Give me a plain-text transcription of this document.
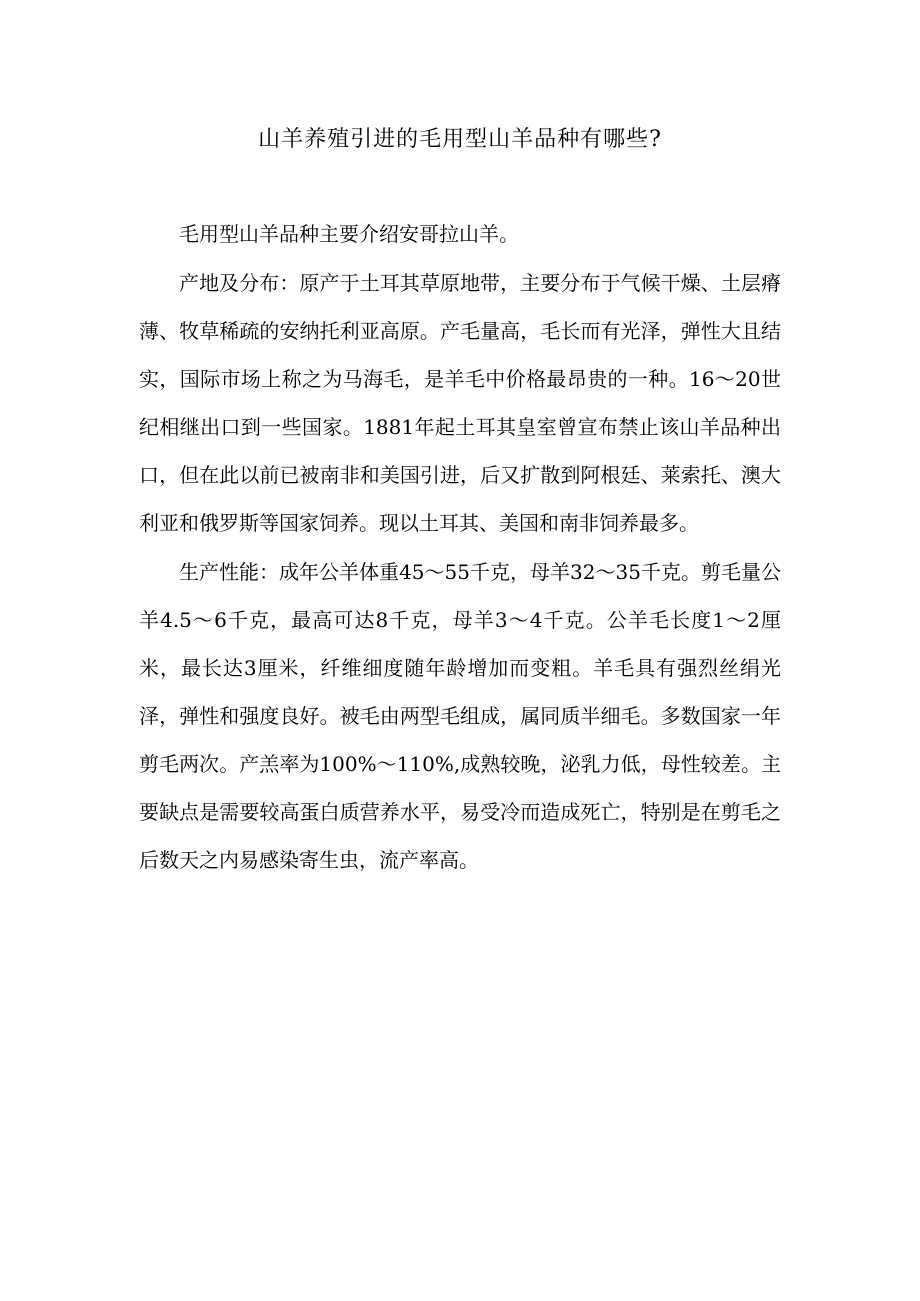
山羊养殖引进的毛用型山羊品种有哪些?

毛用型山羊品种主要介绍安哥拉山羊。

产地及分布：原产于土耳其草原地带，主要分布于气候干燥、土层瘠薄、牧草稀疏的安纳托利亚高原。产毛量高，毛长而有光泽，弹性大且结实，国际市场上称之为马海毛，是羊毛中价格最昂贵的一种。16～20世纪相继出口到一些国家。1881年起土耳其皇室曾宣布禁止该山羊品种出口，但在此以前已被南非和美国引进，后又扩散到阿根廷、莱索托、澳大利亚和俄罗斯等国家饲养。现以土耳其、美国和南非饲养最多。

生产性能：成年公羊体重45～55千克，母羊32～35千克。剪毛量公羊4.5～6千克，最高可达8千克，母羊3～4千克。公羊毛长度1～2厘米，最长达3厘米，纤维细度随年龄增加而变粗。羊毛具有强烈丝绢光泽，弹性和强度良好。被毛由两型毛组成，属同质半细毛。多数国家一年剪毛两次。产羔率为100%～110%,成熟较晚，泌乳力低，母性较差。主要缺点是需要较高蛋白质营养水平，易受冷而造成死亡，特别是在剪毛之后数天之内易感染寄生虫，流产率高。
